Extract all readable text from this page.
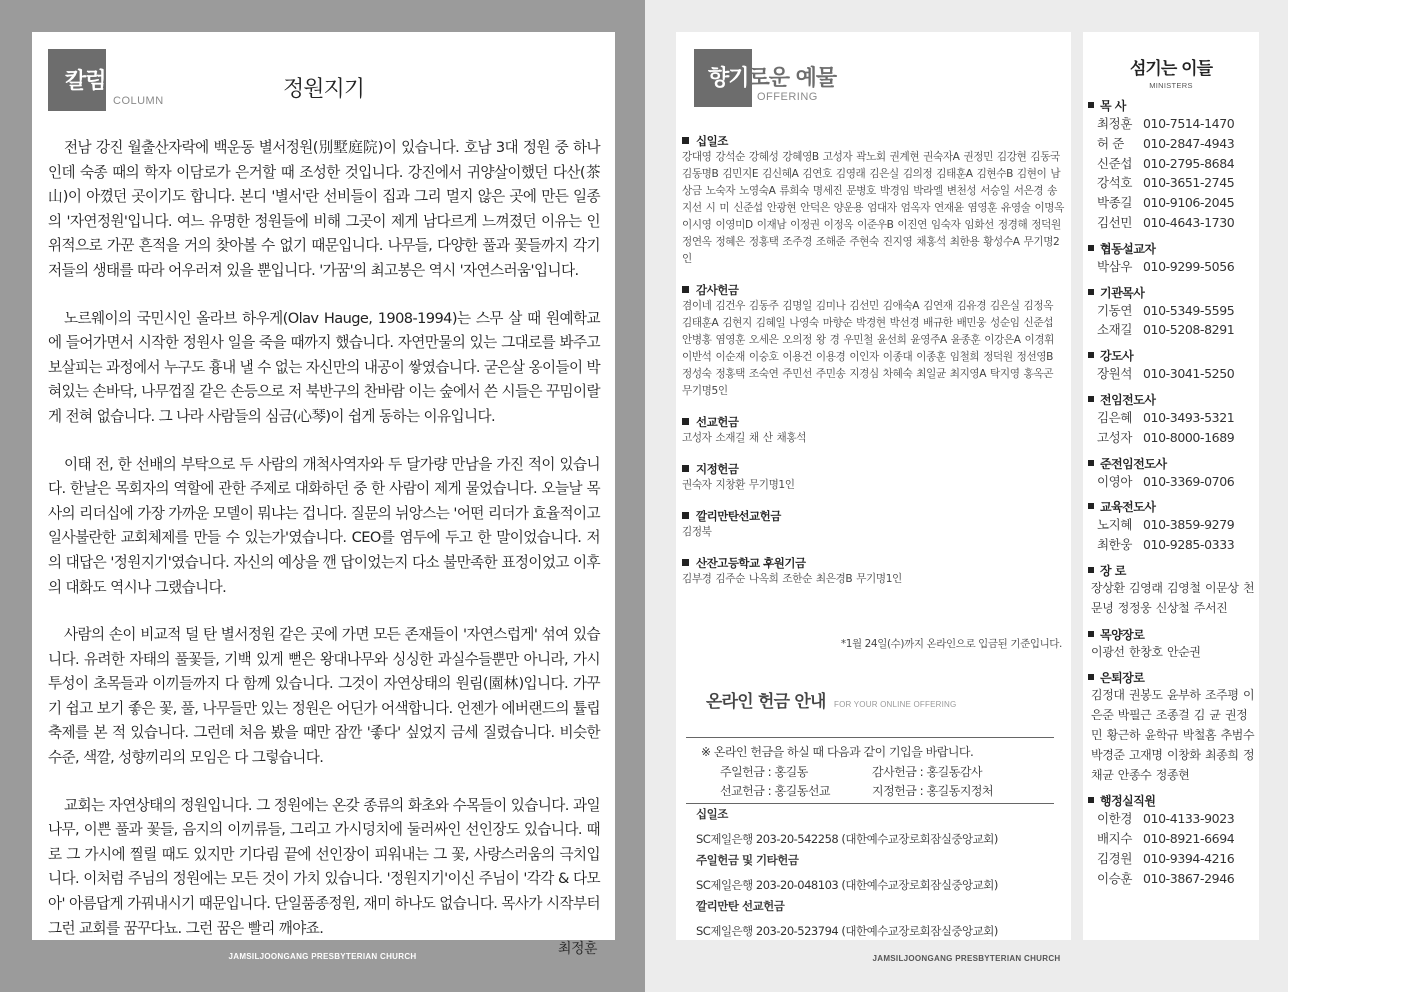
칼럼
COLUMN	정원지기

전남 강진 월출산자락에 백운동 별서정원(別墅庭院)이 있습니다. 호남 3대 정원 중 하나인데 숙종 때의 학자 이담로가 은거할 때 조성한 것입니다. 강진에서 귀양살이했던 다산(茶山)이 아꼈던 곳이기도 합니다. 본디 '별서'란 선비들이 집과 그리 멀지 않은 곳에 만든 일종의 '자연정원'입니다. 여느 유명한 정원들에 비해 그곳이 제게 남다르게 느껴졌던 이유는 인위적으로 가꾼 흔적을 거의 찾아볼 수 없기 때문입니다. 나무들, 다양한 풀과 꽃들까지 각기 저들의 생태를 따라 어우러져 있을 뿐입니다. '가꿈'의 최고봉은 역시 '자연스러움'입니다.

노르웨이의 국민시인 올라브 하우게(Olav Hauge, 1908-1994)는 스무 살 때 원예학교에 들어가면서 시작한 정원사 일을 죽을 때까지 했습니다. 자연만물의 있는 그대로를 봐주고 보살피는 과정에서 누구도 흉내 낼 수 없는 자신만의 내공이 쌓였습니다. 굳은살 옹이들이 박혀있는 손바닥, 나무껍질 같은 손등으로 저 북반구의 찬바람 이는 숲에서 쓴 시들은 꾸밈이랄 게 전혀 없습니다. 그 나라 사람들의 심금(心琴)이 쉽게 동하는 이유입니다.

이태 전, 한 선배의 부탁으로 두 사람의 개척사역자와 두 달가량 만남을 가진 적이 있습니다. 한날은 목회자의 역할에 관한 주제로 대화하던 중 한 사람이 제게 물었습니다. 오늘날 목사의 리더십에 가장 가까운 모델이 뭐냐는 겁니다. 질문의 뉘앙스는 '어떤 리더가 효율적이고 일사불란한 교회체제를 만들 수 있는가'였습니다. CEO를 염두에 두고 한 말이었습니다. 저의 대답은 '정원지기'였습니다. 자신의 예상을 깬 답이었는지 다소 불만족한 표정이었고 이후의 대화도 역시나 그랬습니다.

사람의 손이 비교적 덜 탄 별서정원 같은 곳에 가면 모든 존재들이 '자연스럽게' 섞여 있습니다. 유려한 자태의 풀꽃들, 기백 있게 뻗은 왕대나무와 싱싱한 과실수들뿐만 아니라, 가시투성이 초목들과 이끼들까지 다 함께 있습니다. 그것이 자연상태의 원림(園林)입니다. 가꾸기 쉽고 보기 좋은 꽃, 풀, 나무들만 있는 정원은 어딘가 어색합니다. 언젠가 에버랜드의 튤립축제를 본 적 있습니다. 그런데 처음 봤을 때만 잠깐 '좋다' 싶었지 금세 질렸습니다. 비슷한 수준, 색깔, 성향끼리의 모임은 다 그렇습니다.

교회는 자연상태의 정원입니다. 그 정원에는 온갖 종류의 화초와 수목들이 있습니다. 과일나무, 이쁜 풀과 꽃들, 음지의 이끼류들, 그리고 가시덩치에 둘러싸인 선인장도 있습니다. 때로 그 가시에 찔릴 때도 있지만 기다림 끝에 선인장이 피워내는 그 꽃, 사랑스러움의 극치입니다. 이처럼 주님의 정원에는 모든 것이 가치 있습니다. '정원지기'이신 주님이 '각각 & 다모아' 아름답게 가꿔내시기 때문입니다. 단일품종정원, 재미 하나도 없습니다. 목사가 시작부터 그런 교회를 꿈꾸다뇨. 그런 꿈은 빨리 깨야죠.

최정훈
JAMSILJOONGANG PRESBYTERIAN CHURCH
향기로운 예물
OFFERING
십일조
강대영 강석순 강혜성 강혜영B 고성자 곽노회 권계현 권숙자A 권정민 김강현 김동국 김동명B 김민지E 김신혜A 김연호 김영래 김은실 김의정 김태훈A 김현수B 김현이 남상금 노숙자 노영숙A 류희숙 명세진 문병호 박경임 박라엘 변천성 서승일 서은경 송지선 시 미 신준섭 안광현 안덕은 양운용 엄대자 엄옥자 연재윤 염영훈 유영술 이명옥 이시영 이영미D 이재남 이정권 이정옥 이준우B 이진연 임숙자 임화선 정경해 정덕원 정연옥 정혜은 정홍택 조주경 조해준 주현숙 진지영 채홍석 최한용 황성수A 무기명2인
감사헌금
겸이네 김건우 김동주 김명일 김미나 김선민 김애숙A 김연재 김유경 김은실 김정옥 김태훈A 김현지 김혜일 나영숙 마향순 박경현 박선경 배규한 배민웅 성순임 신준섭 안병홍 염영훈 오세은 오의정 왕 경 우민철 윤선희 윤영주A 윤종훈 이강은A 이경휘 이반석 이순재 이숭호 이용건 이용경 이인자 이종대 이종훈 임철희 정덕원 정선영B 정성숙 정홍택 조숙연 주민선 주민송 지경심 차혜숙 최일균 최지영A 탁지영 홍옥곤 무기명5인
선교헌금
고성자 소재길 채 산 채홍석
지정헌금
권숙자 지창환 무기명1인
깔리만탄선교헌금
김정북
산잔고등학교 후원기금
김부경 김주순 나옥희 조한순 최은경B 무기명1인
*1월 24일(수)까지 온라인으로 입금된 기준입니다.
온라인 헌금 안내 FOR YOUR ONLINE OFFERING
※ 온라인 헌금을 하실 때 다음과 같이 기입을 바랍니다.
주일헌금 : 홍길동	감사헌금 : 홍길동감사
선교헌금 : 홍길동선교	지정헌금 : 홍길동지정처
십일조
SC제일은행 203-20-542258 (대한예수교장로회잠실중앙교회)
주일헌금 및 기타헌금
SC제일은행 203-20-048103 (대한예수교장로회잠실중앙교회)
깔리만탄 선교헌금
SC제일은행 203-20-523794 (대한예수교장로회잠실중앙교회)
섬기는 이들
MINISTERS
목 사
최정훈 010-7514-1470
허 준 010-2847-4943
신준섭 010-2795-8684
강석호 010-3651-2745
박종길 010-9106-2045
김선민 010-4643-1730
협동설교자
박삼우 010-9299-5056
기관목사
기동연 010-5349-5595
소재길 010-5208-8291
강도사
장원석 010-3041-5250
전임전도사
김은혜 010-3493-5321
고성자 010-8000-1689
준전임전도사
이영아 010-3369-0706
교육전도사
노지혜 010-3859-9279
최한웅 010-9285-0333
장 로
장상환 김영래 김영철 이문상 천문녕 정정웅 신상철 주서진
목양장로
이광선 한창호 안순권
은퇴장로
김정대 권봉도 윤부하 조주평 이은준 박필근 조종걸 김 균 권정민 황근하 윤학규 박철홈 추범수 박경준 고재명 이창화 최종희 정채균 안종수 정종현
행정실직원
이한경 010-4133-9023
배지수 010-8921-6694
김경원 010-9394-4216
이승훈 010-3867-2946
JAMSILJOONGANG PRESBYTERIAN CHURCH
